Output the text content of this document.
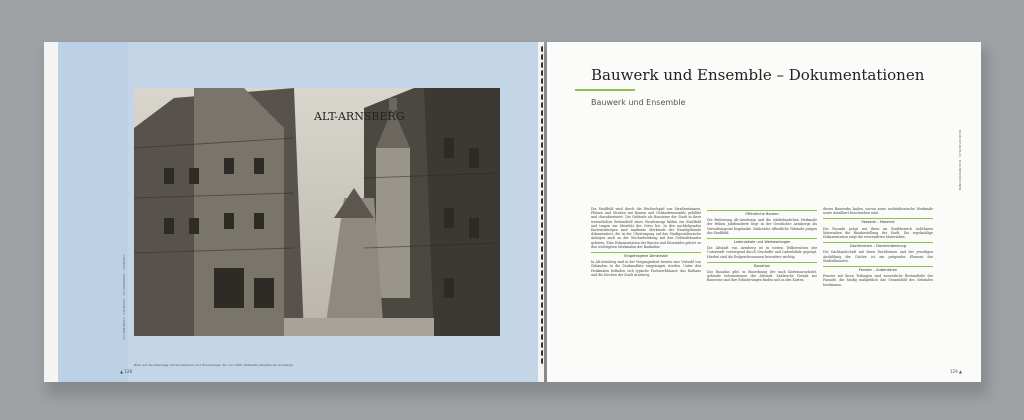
ALT-ARNSBERG · STEINWEG · ALT-ARNSBERG · STEINWEG
ALT-ARNSBERG
Blick auf den Steinweg mit Glockenturm und Hirschberger Tor, um 1905, Postkarte (Stadtarchiv Arnsberg)
▲ 128
Bauwerk und Ensemble – Dokumentationen
Bauwerk und Ensemble
BAUKULTURATLAS · DOKUMENTATIONEN

Die Stadtbild wird durch die Wechselspiel von Straßenräumen, Plätzen und Straßen mit Bauten und Gebäudeensemble gebildet und charakterisiert. Die Gebäude als Bausteine der Stadt in ihrer wesentlichen Bestandteil eines Straßenzugs bilden ein Stadtbild und tragen zur Identität des Ortes bei. In den nachfolgenden Karteneinträgen sind markante Merkmale der Einzelgebäude dokumentiert, die in der Übertragung auf das Stadtgestalterische Anliegen auch zu der Wechselwirkung mit den Gebäudebauten gehören. Eine Dokumentation der Bauten und Ensembles gehört zu den wichtigsten Merkmalen der Baukultur.

Eingetragene Denkmale

In Alt-Arnsberg sind in der Vergangenheit bereits eine Vielzahl von Gebäuden in die Denkmalliste eingetragen worden. Unter den Denkmalen befinden sich typische Fachwerkhäuser, das Rathaus und die Kirchen der Stadt Arnsberg.

Öffentliche Bauten

Die Bedeutung Alt-Arnsbergs und die städtebaulichen Merkmale der frühen Jahrhunderte liegt in der Geschichte Arnsbergs als Verwaltungssitz begründet. Zahlreiche öffentliche Gebäude prägen das Stadtbild.

Ladenlokale und Werbeanlagen

Die Altstadt von Arnsberg ist in weiten Teilbereichen der Unterstadt vorwiegend durch Geschäfte und Ladenlokale geprägt. Hierbei sind die Erdgeschosszonen besonders wichtig.

Bauatlas

Das Bauatlas gibt, in Einordnung der nach Kartenausschnitt, gebäude Informationen der Altstadt. Zahlreiche Details zur Bauweise und ihre Erläuterungen finden sich in den Karten.

dieses Bauwerks laufen, wovon seine architektonische Merkmale sowie detailliert beschrieben sind.

Fassade – Material

Die Fassade prägt mit ihren im Stadtbereich sichtbaren Materialien die Baudarstellung der Stadt. Die regelmäßige Dokumentation zeigt die verwendeten Materialien.

Dachformen – Dacheindeckung

Die Dachlandschaft mit ihren Dachformen und der jeweiligen Ausbildung der Dächer ist ein prägendes Element der Stadtsilhouette.

Fenster – Außentüren

Fenster mit ihren Teilungen sind wesentliche Bestandteile der Fassade, die häufig maßgeblich das Gesamtbild des Gebäudes bestimmen.

129 ▲
